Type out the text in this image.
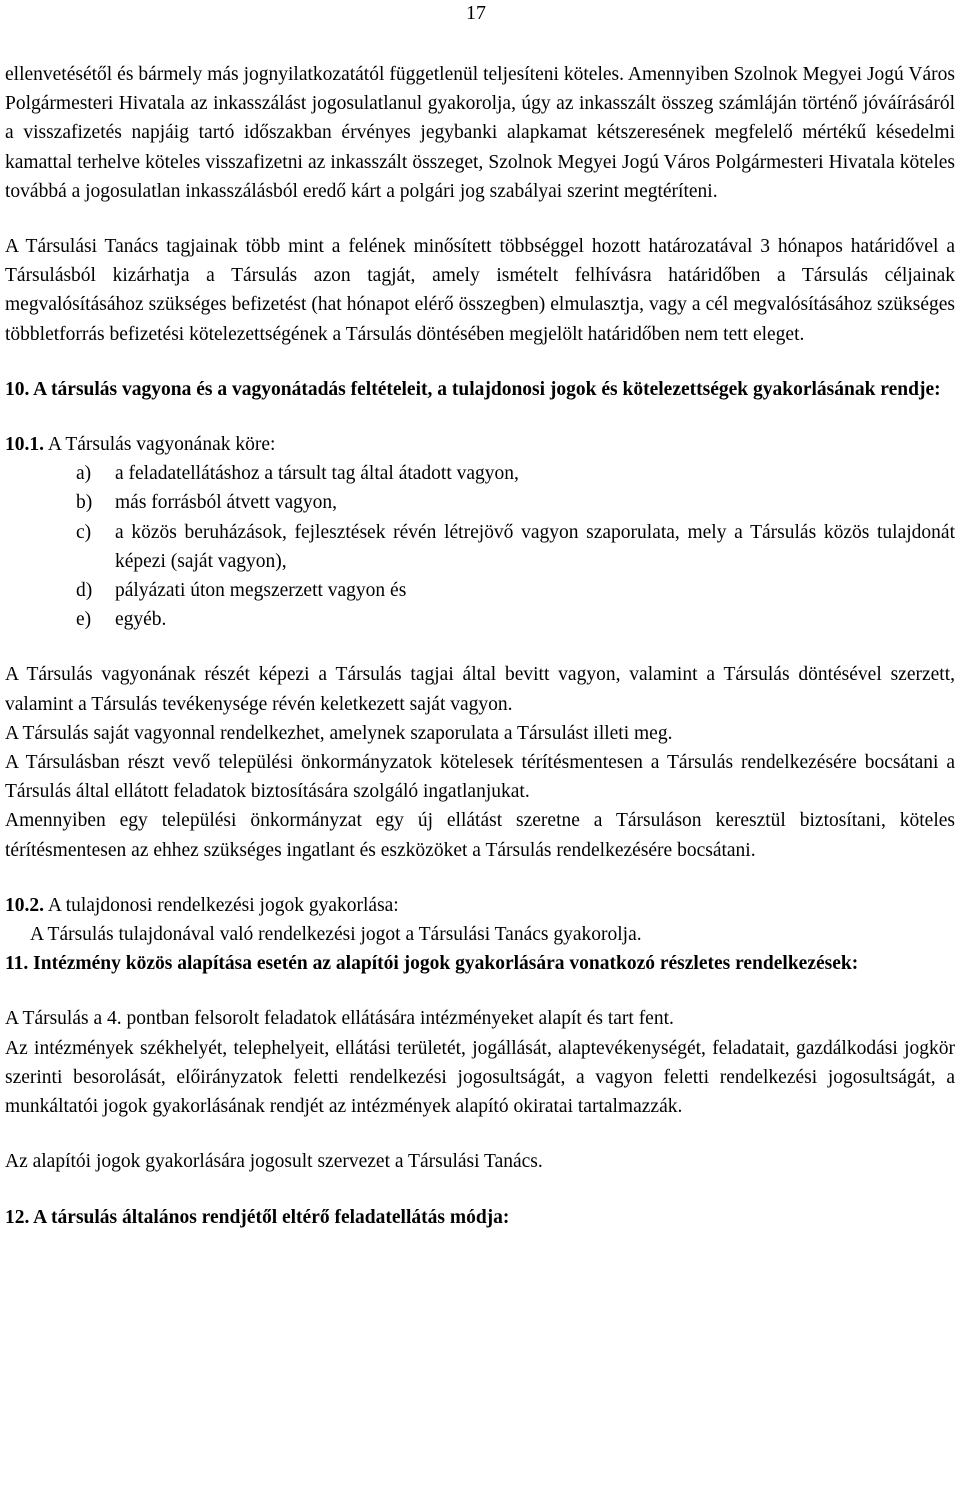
17

ellenvetésétől és bármely más jognyilatkozatától függetlenül teljesíteni köteles. Amennyiben Szolnok Megyei Jogú Város Polgármesteri Hivatala az inkasszálást jogosulatlanul gyakorolja, úgy az inkasszált összeg számláján történő jóváírásáról a visszafizetés napjáig tartó időszakban érvényes jegybanki alapkamat kétszeresének megfelelő mértékű késedelmi kamattal terhelve köteles visszafizetni az inkasszált összeget, Szolnok Megyei Jogú Város Polgármesteri Hivatala köteles továbbá a jogosulatlan inkasszálásból eredő kárt a polgári jog szabályai szerint megtéríteni.

A Társulási Tanács tagjainak több mint a felének minősített többséggel hozott határozatával 3 hónapos határidővel a Társulásból kizárhatja a Társulás azon tagját, amely ismételt felhívásra határidőben a Társulás céljainak megvalósításához szükséges befizetést (hat hónapot elérő összegben) elmulasztja, vagy a cél megvalósításához szükséges többletforrás befizetési kötelezettségének a Társulás döntésében megjelölt határidőben nem tett eleget.

10. A társulás vagyona és a vagyonátadás feltételeit, a tulajdonosi jogok és kötelezettségek gyakorlásának rendje:

10.1. A Társulás vagyonának köre:

a) a feladatellátáshoz a társult tag által átadott vagyon,
b) más forrásból átvett vagyon,
c) a közös beruházások, fejlesztések révén létrejövő vagyon szaporulata, mely a Társulás közös tulajdonát képezi (saját vagyon),
d) pályázati úton megszerzett vagyon és
e) egyéb.

A Társulás vagyonának részét képezi a Társulás tagjai által bevitt vagyon, valamint a Társulás döntésével szerzett, valamint a Társulás tevékenysége révén keletkezett saját vagyon.

A Társulás saját vagyonnal rendelkezhet, amelynek szaporulata a Társulást illeti meg.

A Társulásban részt vevő települési önkormányzatok kötelesek térítésmentesen a Társulás rendelkezésére bocsátani a Társulás által ellátott feladatok biztosítására szolgáló ingatlanjukat.

Amennyiben egy települési önkormányzat egy új ellátást szeretne a Társuláson keresztül biztosítani, köteles térítésmentesen az ehhez szükséges ingatlant és eszközöket a Társulás rendelkezésére bocsátani.

10.2. A tulajdonosi rendelkezési jogok gyakorlása:

A Társulás tulajdonával való rendelkezési jogot a Társulási Tanács gyakorolja.

11. Intézmény közös alapítása esetén az alapítói jogok gyakorlására vonatkozó részletes rendelkezések:

A Társulás a 4. pontban felsorolt feladatok ellátására intézményeket alapít és tart fent.

Az intézmények székhelyét, telephelyeit, ellátási területét, jogállását, alaptevékenységét, feladatait, gazdálkodási jogkör szerinti besorolását, előirányzatok feletti rendelkezési jogosultságát, a vagyon feletti rendelkezési jogosultságát, a munkáltatói jogok gyakorlásának rendjét az intézmények alapító okiratai tartalmazzák.

Az alapítói jogok gyakorlására jogosult szervezet a Társulási Tanács.

12. A társulás általános rendjétől eltérő feladatellátás módja:
